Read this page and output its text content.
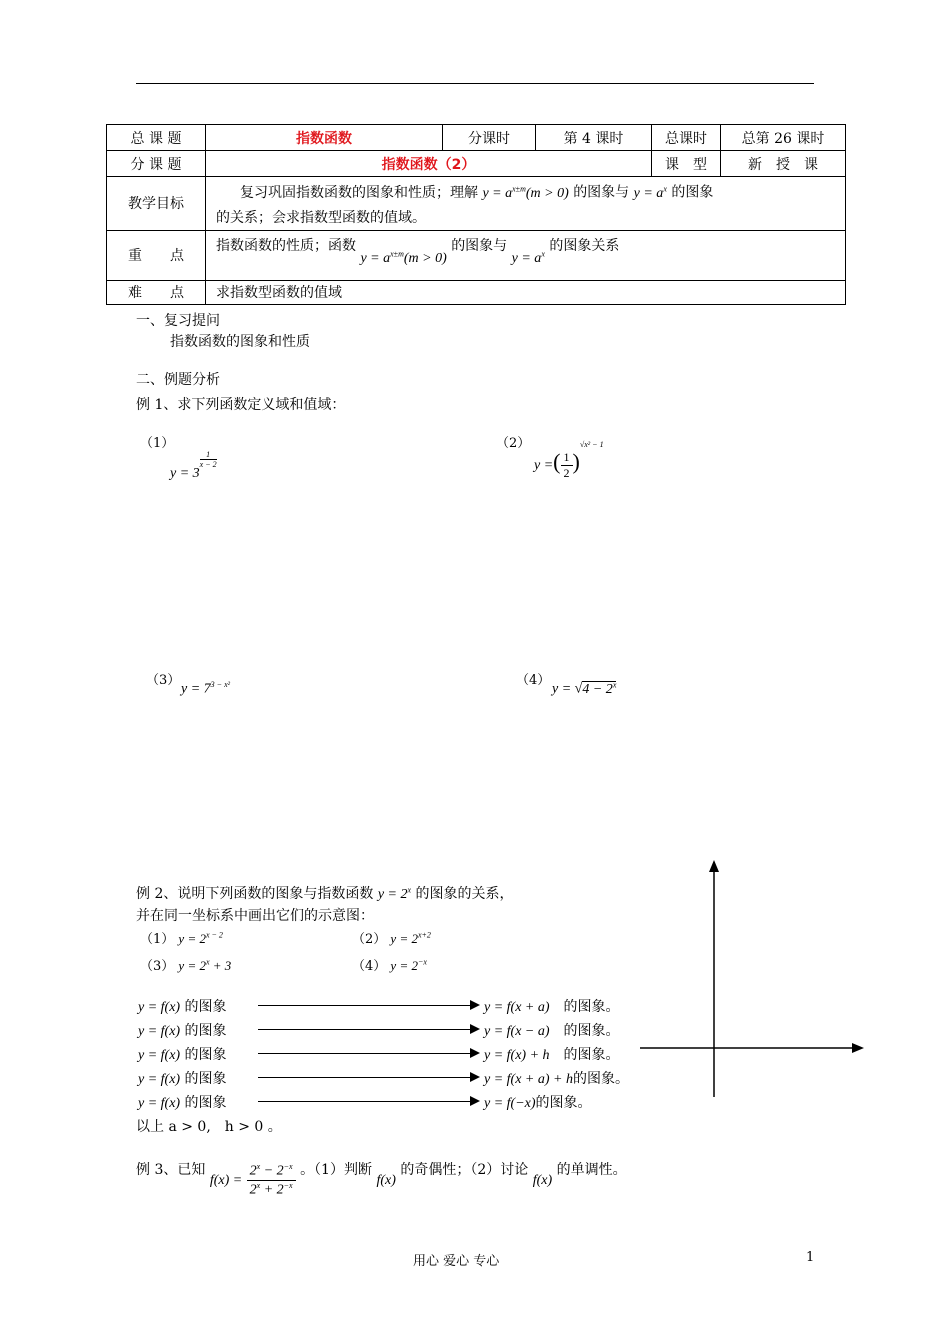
总 课 题	指数函数	分课时	第 4 课时	总课时	总第 26 课时
分 课 题	指数函数（2）			课　型	新　授　课
教学目标	复习巩固指数函数的图象和性质；理解 $y = a^{x\pm m}(m > 0)$ 的图象与 $y = a^x$ 的图象
的关系；会求指数型函数的值域。				
重　　点	指数函数的性质；函数 $y = a^{x\pm m}(m > 0)$ 的图象与 $y = a^x$ 的图象关系				
难　　点	求指数型函数的值域				
一、复习提问
指数函数的图象和性质
二、例题分析
例 1、求下列函数定义域和值域：
（1）
y = 3
$\frac{1}{x - 2}$
（2）
y =( $\frac{1}{2} )^{√x^2 - 1}$
（3）
$y = 7^{3 - x^2}$	（4）
$y = √4 - 2^x$
例 2、说明下列函数的图象与指数函数 $y = 2^x$ 的图象的关系，
并在同一坐标系中画出它们的示意图：
（1） $y = 2^{x - 2}$	（2） $y = 2^{x+2}$
（3） $y = 2^x + 3$	（4） $y = 2^{-x}$
y = f(x) 的图象	y = f(x + a)　 的图象。
y = f(x) 的图象	y = f(x − a)　 的图象。
y = f(x) 的图象	y = f(x) + h　 的图象。
y = f(x) 的图象	y = f(x + a) + h的图象。
y = f(x) 的图象	y = f(−x)的图象。
以上 a > 0,　h > 0 。
例 3、已知 $f(x) = \frac{2^x - 2^{-x}}{2^x + 2^{-x}}$ 。（1）判断 f(x) 的奇偶性；（2）讨论 f(x) 的单调性。
用心 爱心 专心	1
